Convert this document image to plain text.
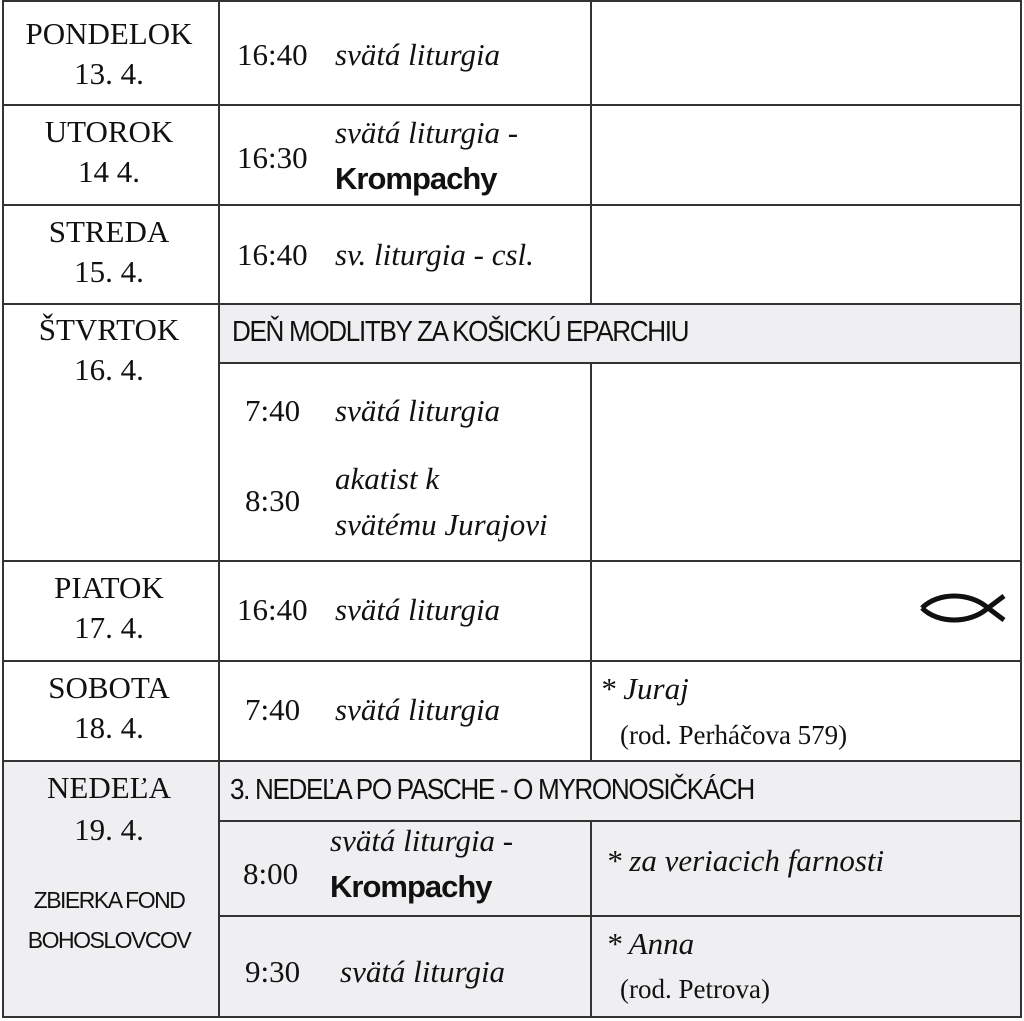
PONDELOK
13. 4.
16:40 svätá liturgia
UTOROK
14 4.	16:30
svätá liturgia -
Krompachy
STREDA
15. 4.	16:40 sv. liturgia - csl.
ŠTVRTOK
16. 4.
DEŇ MODLITBY ZA KOŠICKÚ EPARCHIU
7:40 svätá liturgia
8:30
akatist k
svätému Jurajovi
PIATOK
17. 4.
16:40 svätá liturgia
SOBOTA
18. 4.
7:40 svätá liturgia
* Juraj
(rod. Perháčova 579)
NEDEĽA
19. 4.
ZBIERKA FOND
BOHOSLOVCOV
3. NEDEĽA PO PASCHE - O MYRONOSIČKÁCH
8:00
svätá liturgia -
Krompachy
* za veriacich farnosti
9:30 svätá liturgia
* Anna
(rod. Petrova)
